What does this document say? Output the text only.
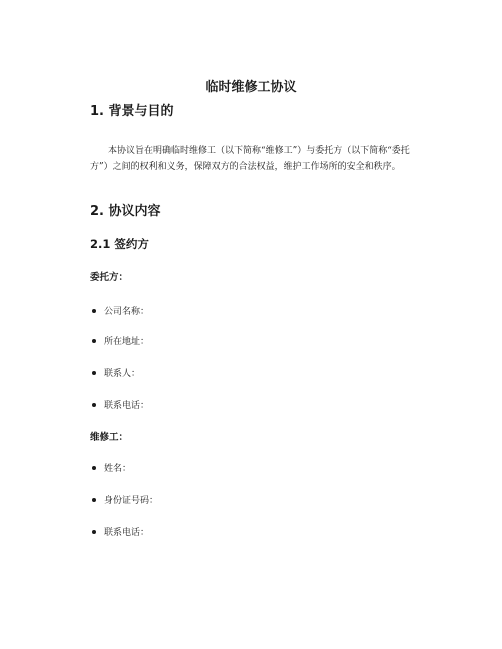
临时维修工协议
1. 背景与目的
本协议旨在明确临时维修工（以下简称“维修工”）与委托方（以下简称“委托
方”）之间的权利和义务，保障双方的合法权益，维护工作场所的安全和秩序。
2. 协议内容
2.1 签约方
委托方：
公司名称：
所在地址：
联系人：
联系电话：
维修工：
姓名：
身份证号码：
联系电话：
